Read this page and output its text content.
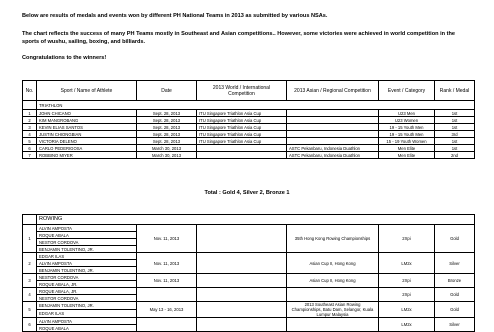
Below are results of medals and events won by different PH National Teams in 2013 as submitted by various NSAs.
The chart reflects the success of many PH Teams mostly in Southeast and Asian competitions.. However, some victories were achieved in world competition in the
sports of wushu, sailing, boxing, and billiards.
Congratulations to the winners!
No.	Sport / Name of Athlete	Date	2013 World / International Competition	2013 Asian / Regional Competition	Event / Category	Rank / Medal
	TRIATHLON					
1	JOHN CHICANO	Sept. 28, 2013	ITU Singapore Triathlon Asia Cup		U23 Men	1st
2	KIM MANGROBANG	Sept. 28, 2013	ITU Singapore Triathlon Asia Cup		U23 Women	1st
3	KEVIN ELIAS SANTOS	Sept. 28, 2013	ITU Singapore Triathlon Asia Cup		19 - 15 Youth Men	1st
4	JUSTIN CHIONGBIAN	Sept. 28, 2013	ITU Singapore Triathlon Asia Cup		19 - 15 Youth Men	3rd
5	VICTORIA DELENO	Sept. 28, 2013	ITU Singapore Triathlon Asia Cup		15 - 19 Youth Women	1st
6	CARLO PEDERIGOSA	March 30, 2013		ASTC Pekanbaru, Indonesia Duathlon	Men Elite	1st
7	ROBBINO MIYER	March 30, 2013		ASTC Pekanbaru, Indonesia Duathlon	Men Elite	2nd
Total : Gold 4, Silver 2, Bronze 1
	ROWING					
1	ALVIN AMPOSTA	Nov. 11, 2013		35th Hong Kong Rowing Championships	2Xpi	Gold
	ROQUE ABALA					
	NESTOR CORDOVA					
	BENJAMIN TOLENTINO, JR.					
2	EDGAR ILAS	Nov. 11, 2013		Asian Cup II, Hong Kong	LM2x	Silver
	ALVIN AMPOSTA					
	BENJAMIN TOLENTINO, JR.					
3	NESTOR CORDOVA	Nov. 11, 2013		Asian Cup II, Hong Kong	2Xpi	Bronze
	ROQUE ABALA, JR.					
4	ROQUE ABALA, JR.				2Xpi	Gold
	NESTOR CORDOVA					
5	BENJAMIN TOLENTINO, JR.	May 13 - 16, 2013		2013 Southeast Asian Rowing Championships, Batu Dam, Selangor, Kuala Lumpur Malaysia	LM2x	Gold
	EDGAR ILAS					
6	ALVIN AMPOSTA				LM2x	Silver
	ROQUE ABALA					
